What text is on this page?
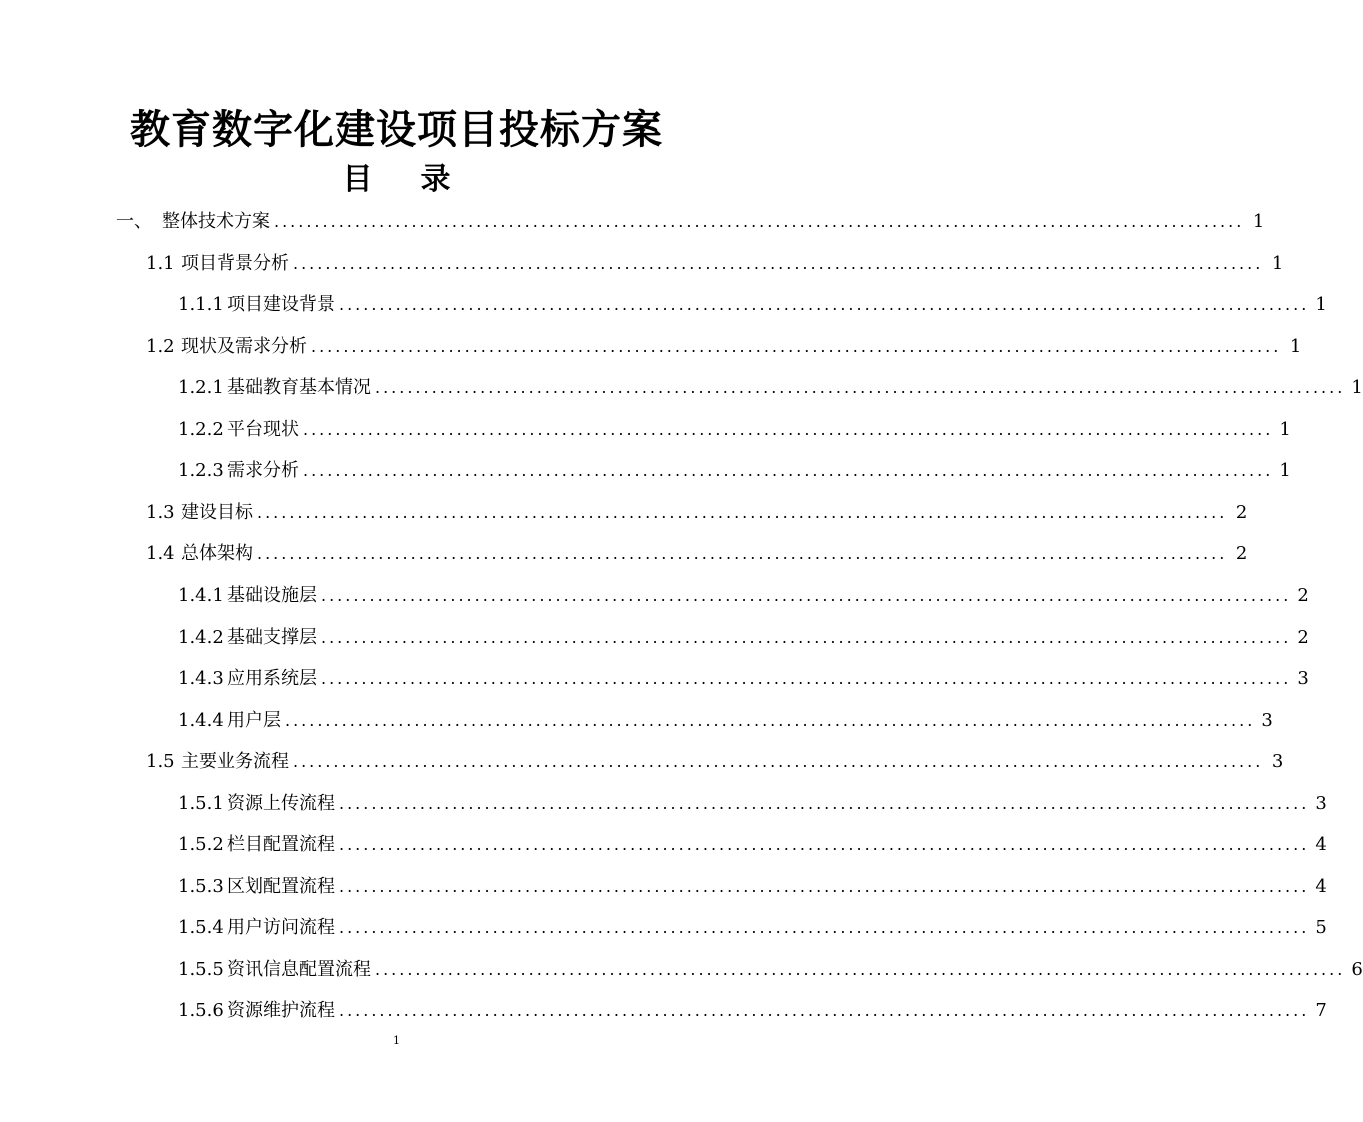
教育数字化建设项目投标方案
目 录
一、 整体技术方案 ........................................................................................................................ 1
1.1 项目背景分析 ........................................................................................................................ 1
1.1.1 项目建设背景 ........................................................................................................................ 1
1.2 现状及需求分析 ........................................................................................................................ 1
1.2.1 基础教育基本情况 ........................................................................................................................ 1
1.2.2 平台现状 ........................................................................................................................ 1
1.2.3 需求分析 ........................................................................................................................ 1
1.3 建设目标 ........................................................................................................................ 2
1.4 总体架构 ........................................................................................................................ 2
1.4.1 基础设施层 ........................................................................................................................ 2
1.4.2 基础支撑层 ........................................................................................................................ 2
1.4.3 应用系统层 ........................................................................................................................ 3
1.4.4 用户层 ........................................................................................................................ 3
1.5 主要业务流程 ........................................................................................................................ 3
1.5.1 资源上传流程 ........................................................................................................................ 3
1.5.2 栏目配置流程 ........................................................................................................................ 4
1.5.3 区划配置流程 ........................................................................................................................ 4
1.5.4 用户访问流程 ........................................................................................................................ 5
1.5.5 资讯信息配置流程 ........................................................................................................................ 6
1.5.6 资源维护流程 ........................................................................................................................ 7
1
